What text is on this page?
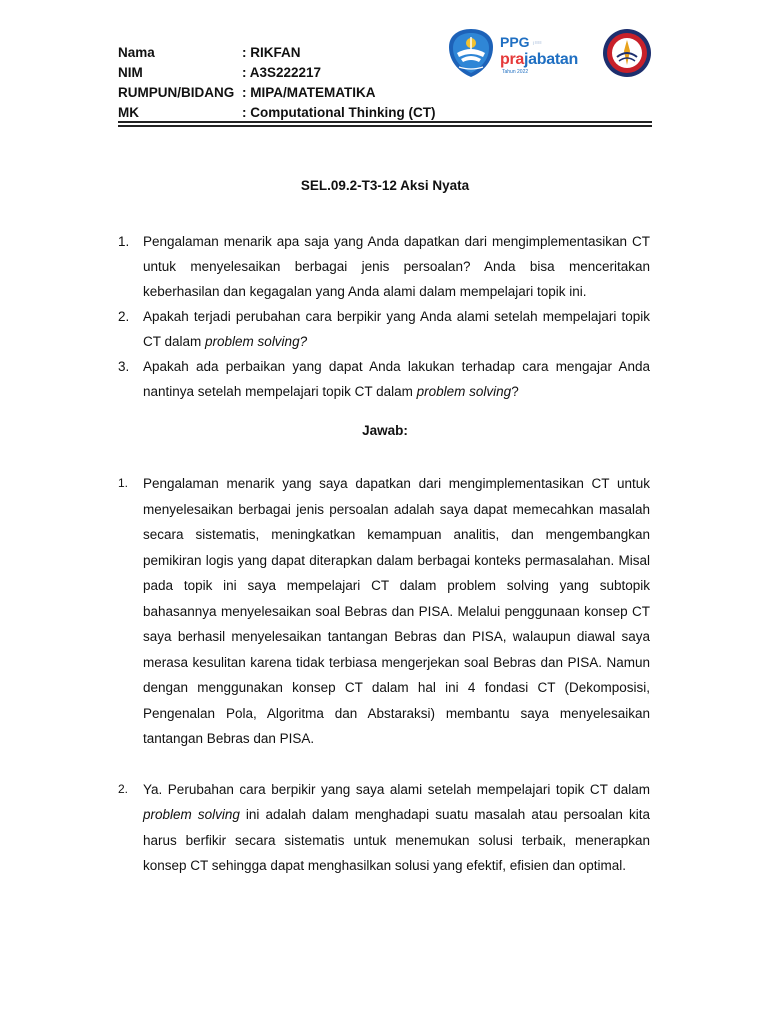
Nama	: RIKFAN
NIM	: A3S222217
RUMPUN/BIDANG : MIPA/MATEMATIKA
MK	: Computational Thinking (CT)
PPG | ≡≡≡
prajabatan
Tahun 2022
SEL.09.2-T3-12 Aksi Nyata
1.	Pengalaman menarik apa saja yang Anda dapatkan dari mengimplementasikan CT untuk menyelesaikan berbagai jenis persoalan? Anda bisa menceritakan keberhasilan dan kegagalan yang Anda alami dalam mempelajari topik ini.
2.	Apakah terjadi perubahan cara berpikir yang Anda alami setelah mempelajari topik CT dalam problem solving?
3.	Apakah ada perbaikan yang dapat Anda lakukan terhadap cara mengajar Anda nantinya setelah mempelajari topik CT dalam problem solving?
Jawab:
1.	Pengalaman menarik yang saya dapatkan dari mengimplementasikan CT untuk menyelesaikan berbagai jenis persoalan adalah saya dapat memecahkan masalah secara sistematis, meningkatkan kemampuan analitis, dan mengembangkan pemikiran logis yang dapat diterapkan dalam berbagai konteks permasalahan. Misal pada topik ini saya mempelajari CT dalam problem solving yang subtopik bahasannya menyelesaikan soal Bebras dan PISA. Melalui penggunaan konsep CT saya berhasil menyelesaikan tantangan Bebras dan PISA, walaupun diawal saya merasa kesulitan karena tidak terbiasa mengerjekan soal Bebras dan PISA. Namun dengan menggunakan konsep CT dalam hal ini 4 fondasi CT (Dekomposisi, Pengenalan Pola, Algoritma dan Abstaraksi) membantu saya menyelesaikan tantangan Bebras dan PISA.
2.	Ya. Perubahan cara berpikir yang saya alami setelah mempelajari topik CT dalam problem solving ini adalah dalam menghadapi suatu masalah atau persoalan kita harus berfikir secara sistematis untuk menemukan solusi terbaik, menerapkan konsep CT sehingga dapat menghasilkan solusi yang efektif, efisien dan optimal.
